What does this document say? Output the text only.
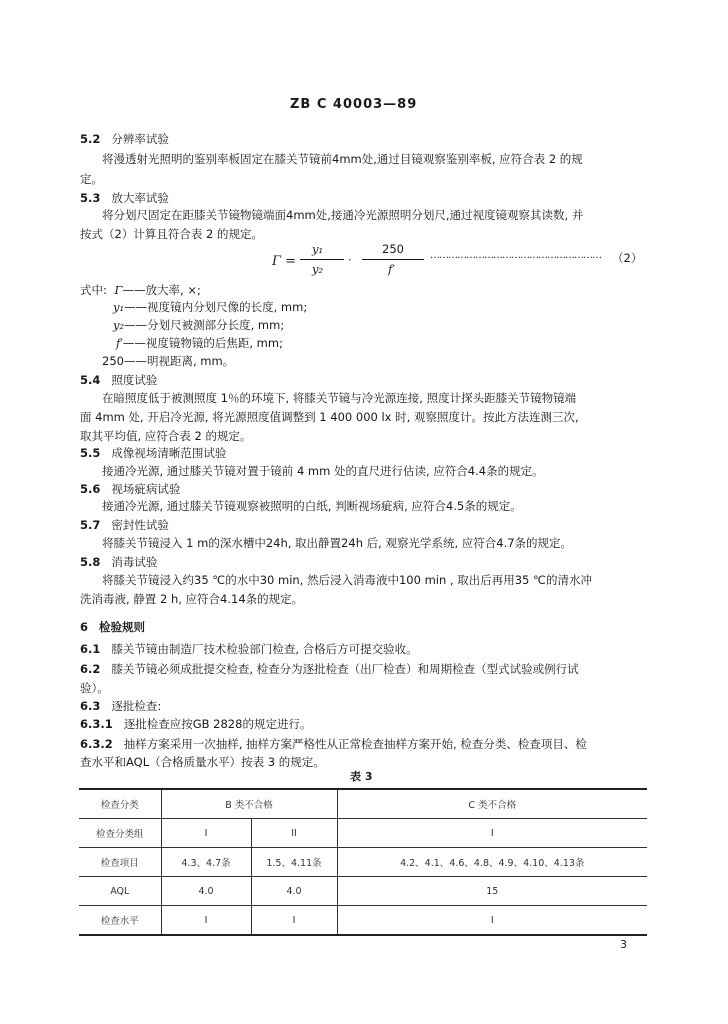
ZB C 40003—89
5.2 分辨率试验
将漫透射光照明的鉴别率板固定在膝关节镜前4mm处,通过目镜观察鉴别率板, 应符合表 2 的规
定。
5.3 放大率试验
将分划尺固定在距膝关节镜物镜端面4mm处,接通冷光源照明分划尺,通过视度镜观察其读数, 并
按式（2）计算且符合表 2 的规定。
Γ =
y₁
y₂
·
250
f′
………………………………………………… （2）
式中: Γ——放大率, ×;
y₁——视度镜内分划尺像的长度, mm;
y₂——分划尺被测部分长度, mm;
f′——视度镜物镜的后焦距, mm;
250——明视距离, mm。
5.4 照度试验
在暗照度低于被测照度 1％的环境下, 将膝关节镜与冷光源连接, 照度计探头距膝关节镜物镜端
面 4mm 处, 开启冷光源, 将光源照度值调整到 1 400 000 lx 时, 观察照度计。按此方法连测三次,
取其平均值, 应符合表 2 的规定。
5.5 成像视场清晰范围试验
接通冷光源, 通过膝关节镜对置于镜前 4 mm 处的直尺进行估读, 应符合4.4条的规定。
5.6 视场疵病试验
接通冷光源, 通过膝关节镜观察被照明的白纸, 判断视场疵病, 应符合4.5条的规定。
5.7 密封性试验
将膝关节镜浸入 1 m的深水槽中24h, 取出静置24h 后, 观察光学系统, 应符合4.7条的规定。
5.8 消毒试验
将膝关节镜浸入约35 ℃的水中30 min, 然后浸入消毒液中100 min , 取出后再用35 ℃的清水冲
洗消毒液, 静置 2 h, 应符合4.14条的规定。
6 检验规则
6.1 膝关节镜由制造厂技术检验部门检查, 合格后方可提交验收。
6.2 膝关节镜必须成批提交检查, 检查分为逐批检查（出厂检查）和周期检查（型式试验或例行试
验）。
6.3 逐批检查:
6.3.1 逐批检查应按GB 2828的规定进行。
6.3.2 抽样方案采用一次抽样, 抽样方案严格性从正常检查抽样方案开始, 检查分类、检查项目、检
查水平和AQL（合格质量水平）按表 3 的规定。
表 3
检查分类	B 类不合格		C 类不合格
检查分类组	I	II	I
检查项目	4.3、4.7条	1.5、4.11条	4.2、4.1、4.6、4.8、4.9、4.10、4.13条
AQL	4.0	4.0	15
检查水平	I	I	I
3
